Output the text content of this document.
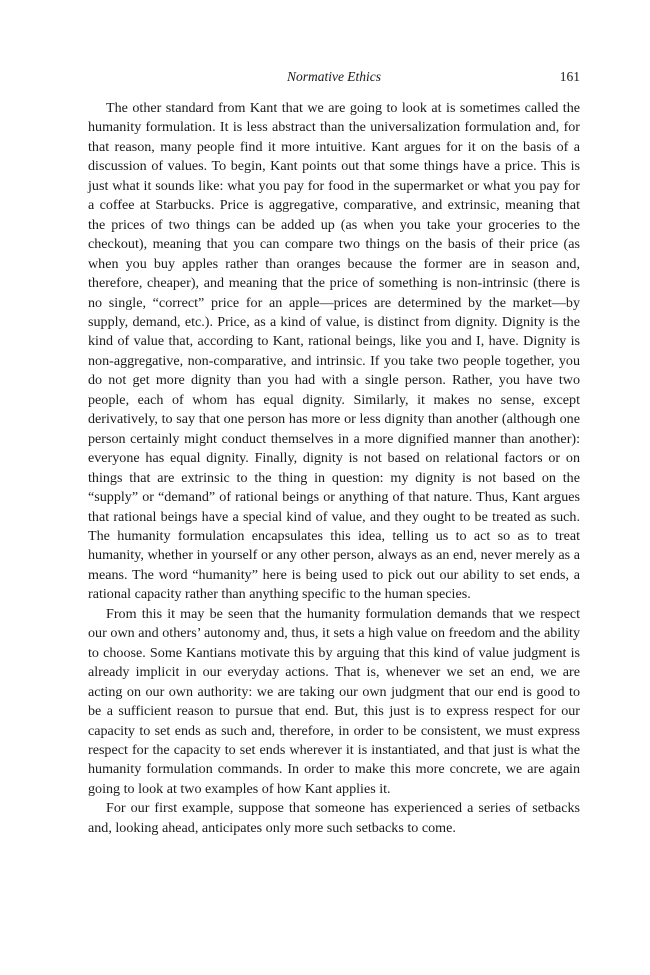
Normative Ethics	161

The other standard from Kant that we are going to look at is sometimes called the humanity formulation. It is less abstract than the universalization formulation and, for that reason, many people find it more intuitive. Kant argues for it on the basis of a discussion of values. To begin, Kant points out that some things have a price. This is just what it sounds like: what you pay for food in the supermarket or what you pay for a coffee at Starbucks. Price is aggregative, comparative, and extrinsic, meaning that the prices of two things can be added up (as when you take your groceries to the checkout), meaning that you can compare two things on the basis of their price (as when you buy apples rather than oranges because the former are in season and, therefore, cheaper), and meaning that the price of something is non-intrinsic (there is no single, “correct” price for an apple—prices are determined by the market—by supply, demand, etc.). Price, as a kind of value, is distinct from dignity. Dignity is the kind of value that, according to Kant, rational beings, like you and I, have. Dignity is non-aggregative, non-comparative, and intrinsic. If you take two people together, you do not get more dignity than you had with a single person. Rather, you have two people, each of whom has equal dignity. Similarly, it makes no sense, except derivatively, to say that one person has more or less dignity than another (although one person certainly might conduct themselves in a more dignified manner than another): everyone has equal dignity. Finally, dignity is not based on relational factors or on things that are extrinsic to the thing in question: my dignity is not based on the “supply” or “demand” of rational beings or anything of that nature. Thus, Kant argues that rational beings have a special kind of value, and they ought to be treated as such. The humanity formulation encapsulates this idea, telling us to act so as to treat humanity, whether in yourself or any other person, always as an end, never merely as a means. The word “humanity” here is being used to pick out our ability to set ends, a rational capacity rather than anything specific to the human species.

From this it may be seen that the humanity formulation demands that we respect our own and others’ autonomy and, thus, it sets a high value on freedom and the ability to choose. Some Kantians motivate this by arguing that this kind of value judgment is already implicit in our everyday actions. That is, whenever we set an end, we are acting on our own authority: we are taking our own judgment that our end is good to be a sufficient reason to pursue that end. But, this just is to express respect for our capacity to set ends as such and, therefore, in order to be consistent, we must express respect for the capacity to set ends wherever it is instantiated, and that just is what the humanity formulation commands. In order to make this more concrete, we are again going to look at two examples of how Kant applies it.

For our first example, suppose that someone has experienced a series of setbacks and, looking ahead, anticipates only more such setbacks to come.
